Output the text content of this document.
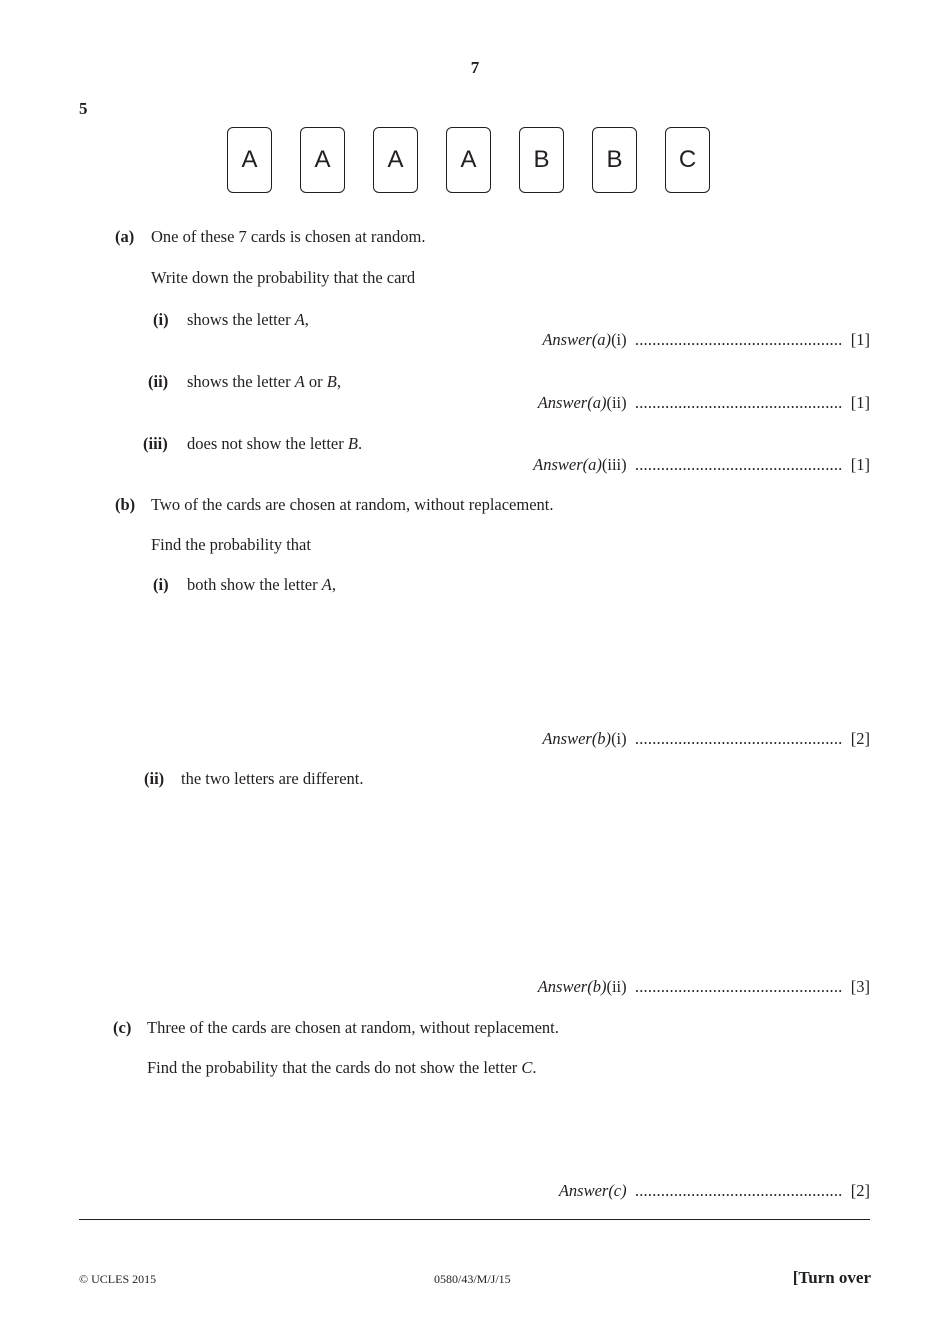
7
5
A	A	A	A	B	B	C
(a) One of these 7 cards is chosen at random.
Write down the probability that the card
(i) shows the letter A,
Answer(a)(i) ................................................ [1]
(ii) shows the letter A or B,
Answer(a)(ii) ................................................ [1]
(iii) does not show the letter B.
Answer(a)(iii) ................................................ [1]
(b) Two of the cards are chosen at random, without replacement.
Find the probability that
(i) both show the letter A,
Answer(b)(i) ................................................ [2]
(ii) the two letters are different.
Answer(b)(ii) ................................................ [3]
(c) Three of the cards are chosen at random, without replacement.
Find the probability that the cards do not show the letter C.
Answer(c) ................................................ [2]
© UCLES 2015	0580/43/M/J/15	[Turn over
